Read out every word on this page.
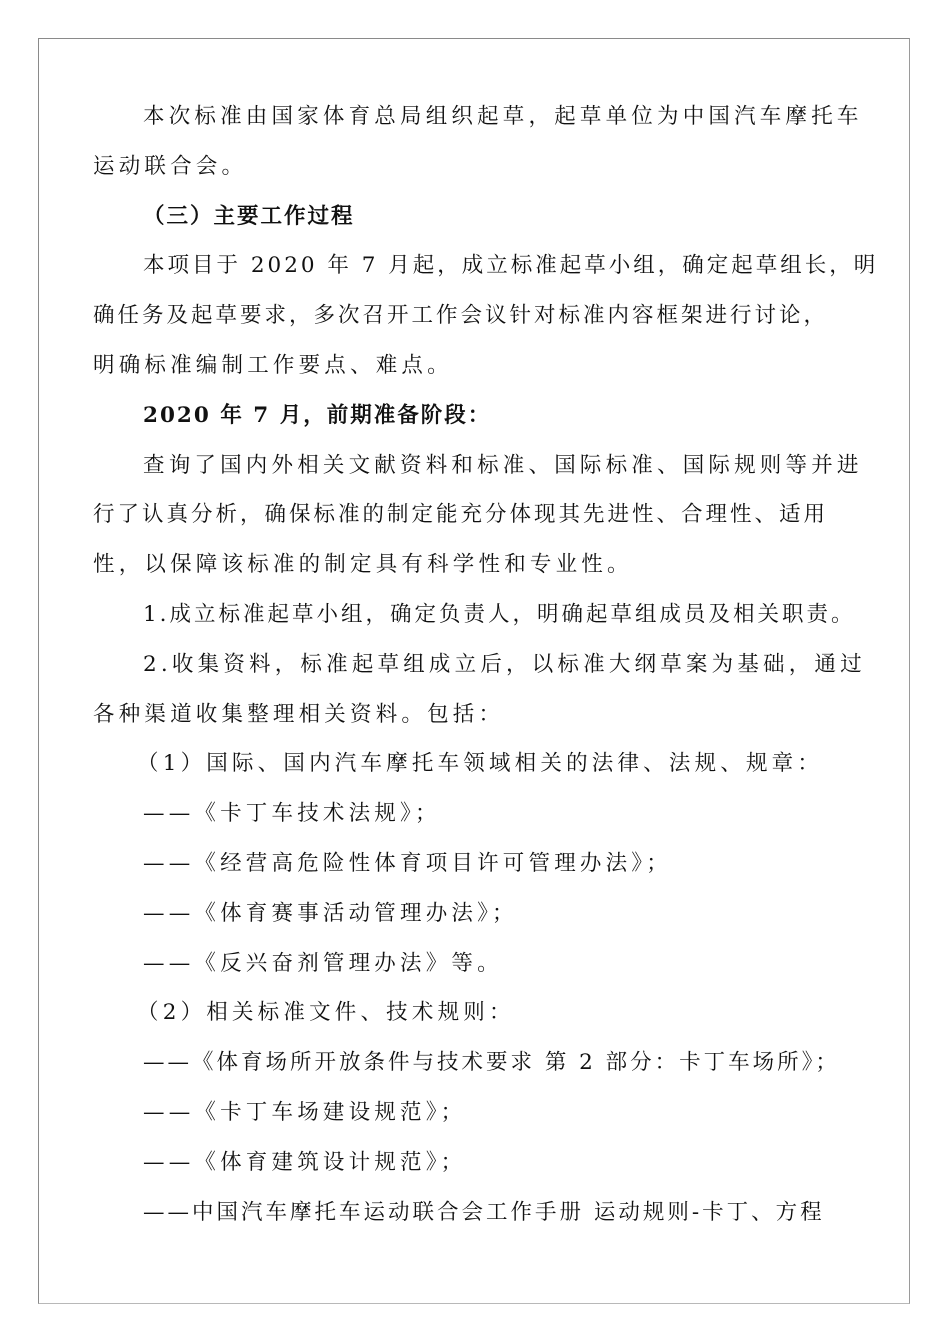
本次标准由国家体育总局组织起草，起草单位为中国汽车摩托车
运动联合会。
（三）主要工作过程
本项目于 2020 年 7 月起，成立标准起草小组，确定起草组长，明
确任务及起草要求，多次召开工作会议针对标准内容框架进行讨论，
明确标准编制工作要点、难点。
2020 年 7 月，前期准备阶段：
查询了国内外相关文献资料和标准、国际标准、国际规则等并进
行了认真分析，确保标准的制定能充分体现其先进性、合理性、适用
性，以保障该标准的制定具有科学性和专业性。
1.成立标准起草小组，确定负责人，明确起草组成员及相关职责。
2.收集资料，标准起草组成立后，以标准大纲草案为基础，通过
各种渠道收集整理相关资料。包括：
（1）国际、国内汽车摩托车领域相关的法律、法规、规章：
——《卡丁车技术法规》；
——《经营高危险性体育项目许可管理办法》；
——《体育赛事活动管理办法》；
——《反兴奋剂管理办法》等。
（2）相关标准文件、技术规则：
——《体育场所开放条件与技术要求 第 2 部分：卡丁车场所》；
——《卡丁车场建设规范》；
——《体育建筑设计规范》；
——中国汽车摩托车运动联合会工作手册 运动规则-卡丁、方程
